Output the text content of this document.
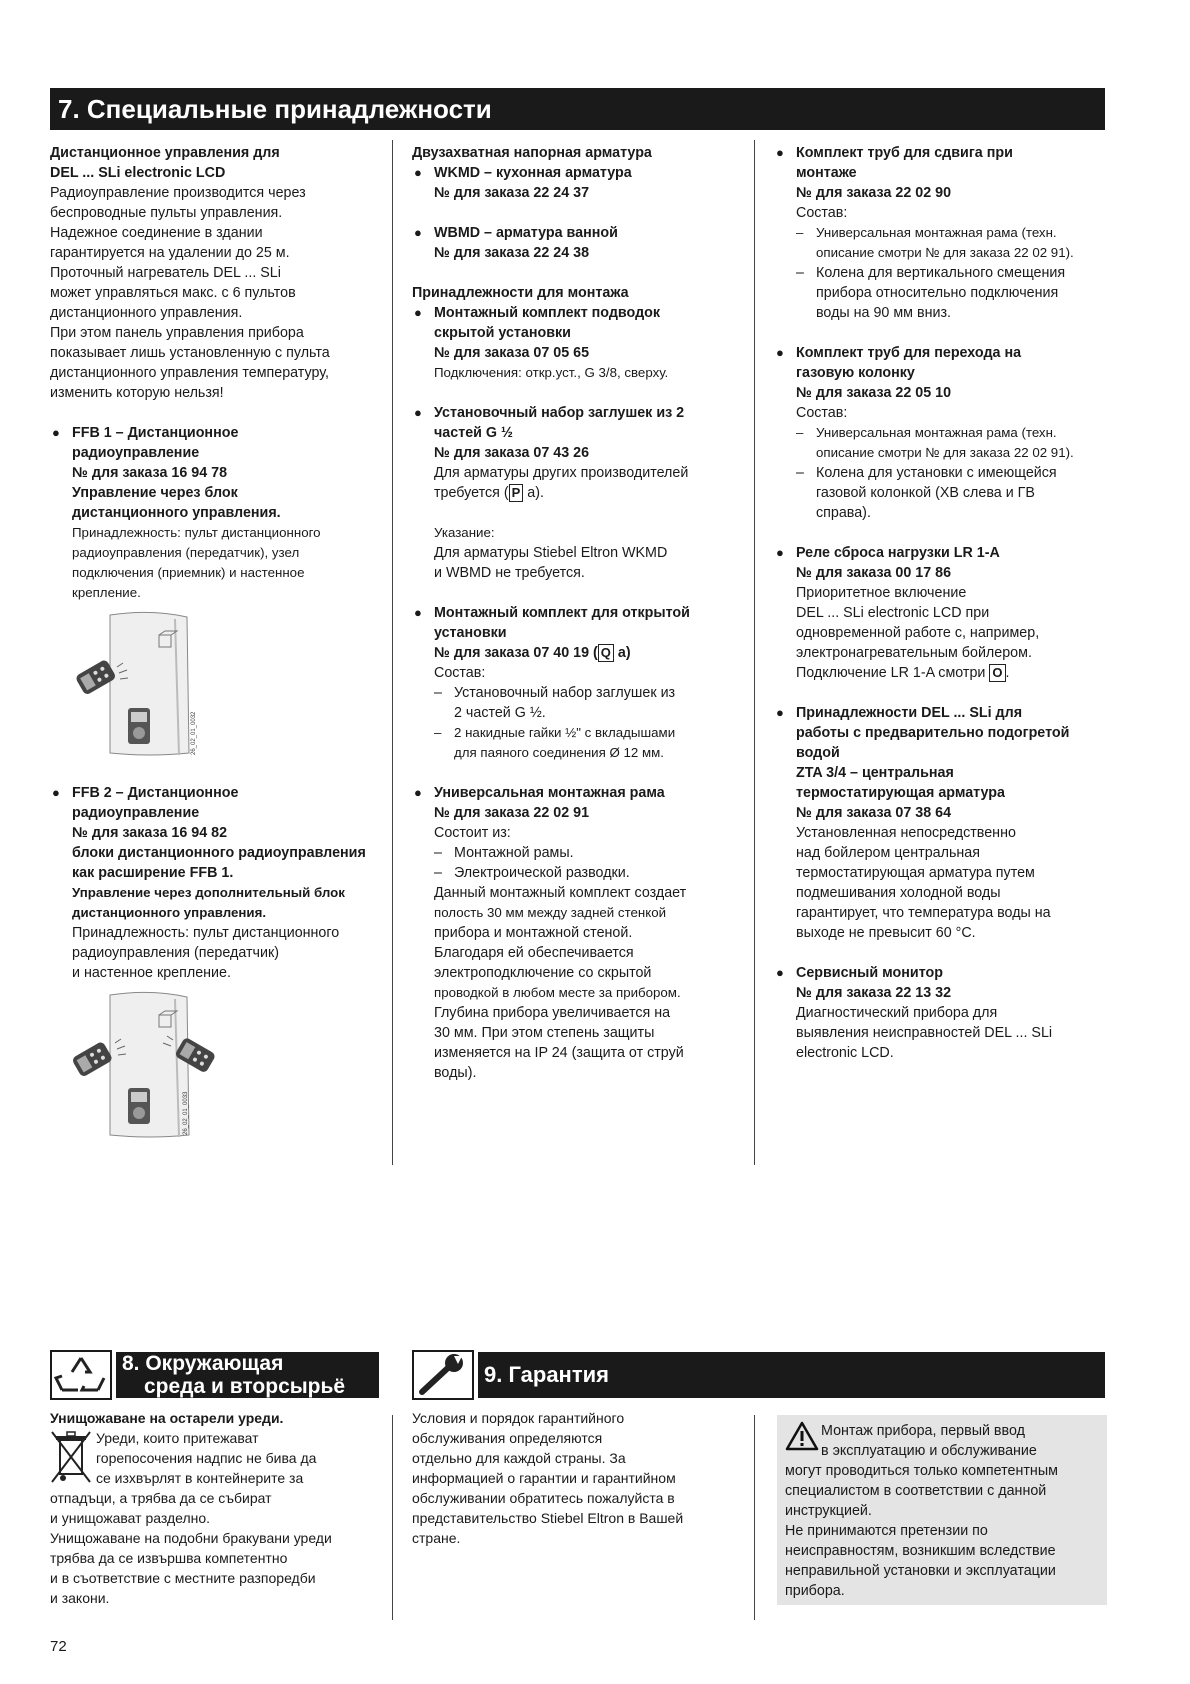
7. Специальные принадлежности
Дистанционное управления для
DEL ... SLi electronic LCD
Радиоуправление производится через
беспроводные пульты управления.
Надежное соединение в здании
гарантируется на удалении до 25 м.
Проточный нагреватель DEL ... SLi
может управляться макс. с 6 пультов
дистанционного управления.
При этом панель управления прибора
показывает лишь установленную с пульта
дистанционного управления температуру,
изменить которую нельзя!
● FFB 1 – Дистанционное
радиоуправление
№ для заказа 16 94 78
Управление через блок
дистанционного управления.
Принадлежность: пульт дистанционного
радиоуправления (передатчик), узел
подключения (приемник) и настенное
крепление.
26_02_01_0032
● FFB 2 – Дистанционное
радиоуправление
№ для заказа 16 94 82
блоки дистанционного радиоуправления
как расширение FFB 1.
Управление через дополнительный блок
дистанционного управления.
Принадлежность: пульт дистанционного
радиоуправления (передатчик)
и настенное крепление.
26_02_01_0033
Двузахватная напорная арматура
● WKMD – кухонная арматура
№ для заказа 22 24 37
● WBMD – арматура ванной
№ для заказа 22 24 38
Принадлежности для монтажа
● Монтажный комплект подводок
скрытой установки
№ для заказа 07 05 65
Подключения: откр.уст., G 3/8, сверху.
● Установочный набор заглушек из 2
частей G ½
№ для заказа 07 43 26
Для арматуры других производителей
требуется ( P a).
Указание:
Для арматуры Stiebel Eltron WKMD
и WBMD не требуется.
● Монтажный комплект для открытой
установки
№ для заказа 07 40 19 ( Q a)
Состав:
– Установочный набор заглушек из
2 частей G ½.
– 2 накидные гайки ½" с вкладышами
для паяного соединения Ø 12 мм.
● Универсальная монтажная рама
№ для заказа 22 02 91
Состоит из:
– Монтажной рамы.
– Электроической разводки.
Данный монтажный комплект создает
полость 30 мм между задней стенкой
прибора и монтажной стеной.
Благодаря ей обеспечивается
электроподключение со скрытой
проводкой в любом месте за прибором.
Глубина прибора увеличивается на
30 мм. При этом степень защиты
изменяется на IP 24 (защита от струй
воды).
● Комплект труб для сдвига при
монтаже
№ для заказа 22 02 90
Состав:
– Универсальная монтажная рама (техн.
описание смотри № для заказа 22 02 91).
– Колена для вертикального смещения
прибора относительно подключения
воды на 90 мм вниз.
● Комплект труб для перехода на
газовую колонку
№ для заказа 22 05 10
Состав:
– Универсальная монтажная рама (техн.
описание смотри № для заказа 22 02 91).
– Колена для установки с имеющейся
газовой колонкой (ХВ слева и ГВ
справа).
● Реле сброса нагрузки LR 1-A
№ для заказа 00 17 86
Приоритетное включение
DEL ... SLi electronic LCD при
одновременной работе с, например,
электронагревательным бойлером.
Подключение LR 1-A смотри O .
● Принадлежности DEL ... SLi для
работы с предварительно подогретой
водой
ZTA 3/4 – центральная
термостатирующая арматура
№ для заказа 07 38 64
Установленная непосредственно
над бойлером центральная
термостатирующая арматура путем
подмешивания холодной воды
гарантирует, что температура воды на
выходе не превысит 60 °C.
● Сервисный монитор
№ для заказа 22 13 32
Диагностический прибора для
выявления неисправностей DEL ... SLi
electronic LCD.
8. Окружающая
среда и вторсырьё
Унищожаване на остарели уреди.
Уреди, които притежават
горепосочения надпис не бива да
се изхвърлят в контейнерите за
отпадъци, а трябва да се събират
и унищожават разделно.
Унищожаване на подобни бракувани уреди
трябва да се извършва компетентно
и в съответствие с местните разпоредби
и закони.
9. Гарантия
Условия и порядок гарантийного
обслуживания определяются
отдельно для каждой страны. За
информацией о гарантии и гарантийном
обслуживании обратитесь пожалуйста в
представительство Stiebel Eltron в Вашей
стране.
Монтаж прибора, первый ввод
в эксплуатацию и обслуживание
могут проводиться только компетентным
специалистом в соответствии с данной
инструкцией.
Не принимаются претензии по
неисправностям, возникшим вследствие
неправильной установки и эксплуатации
прибора.
72
